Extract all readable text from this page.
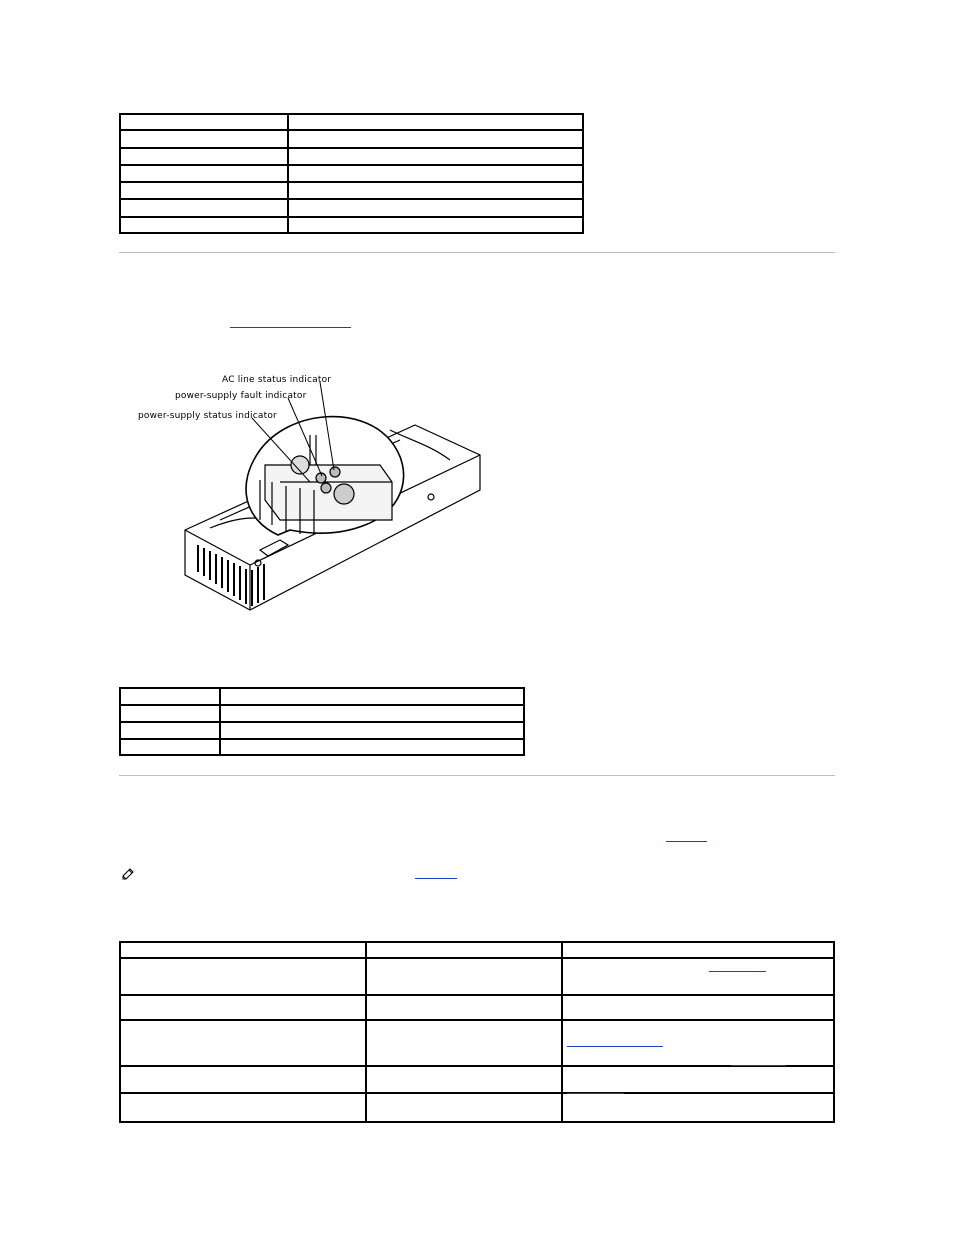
AC line status indicator
power-supply fault indicator
power-supply status indicator
